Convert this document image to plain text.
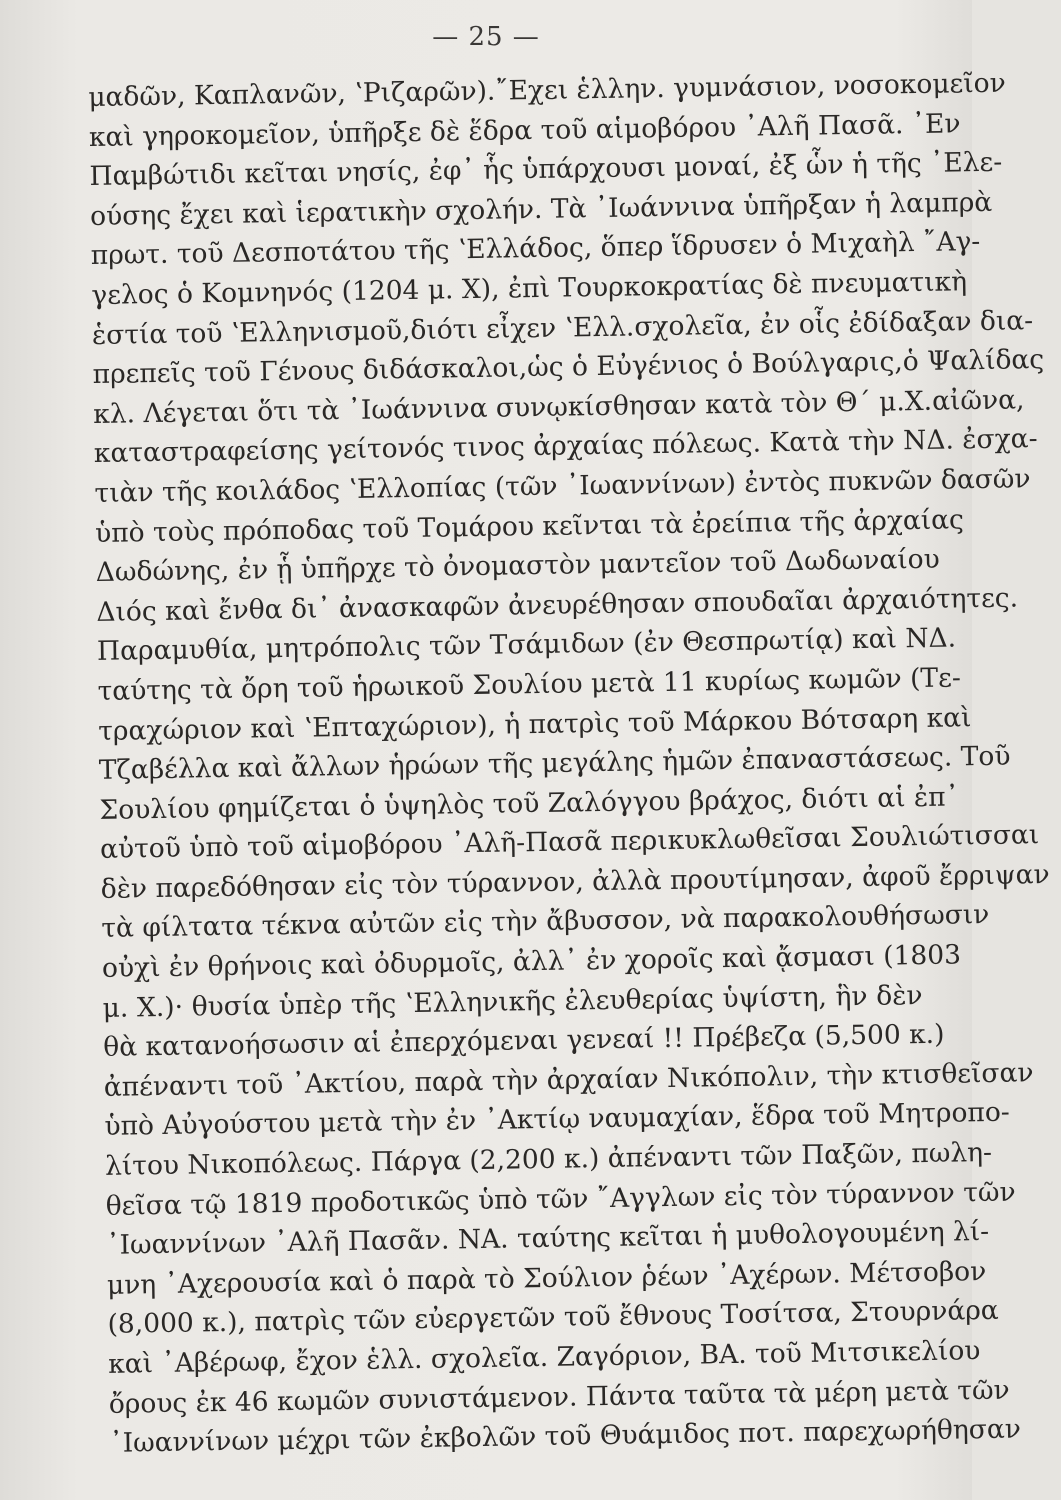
— 25 —
μαδῶν, Καπλανῶν, ʽΡιζαρῶν).῎Εχει ἑλλην. γυμνάσιον, νοσοκομεῖον
καὶ γηροκομεῖον, ὑπῆρξε δὲ ἕδρα τοῦ αἱμοβόρου ᾿Αλῆ Πασᾶ. ᾿Εν
Παμβώτιδι κεῖται νησίς, ἐφ᾿ ἧς ὑπάρχουσι μοναί, ἐξ ὧν ἡ τῆς ᾿Ελε-
ούσης ἔχει καὶ ἱερατικὴν σχολήν. Τὰ ᾿Ιωάννινα ὑπῆρξαν ἡ λαμπρὰ
πρωτ. τοῦ Δεσποτάτου τῆς ʽΕλλάδος, ὅπερ ἵδρυσεν ὁ Μιχαὴλ ῎Αγ-
γελος ὁ Κομνηνός (1204 μ. Χ), ἐπὶ Τουρκοκρατίας δὲ πνευματικὴ
ἑστία τοῦ ʽΕλληνισμοῦ,διότι εἶχεν ʽΕλλ.σχολεῖα, ἐν οἷς ἐδίδαξαν δια-
πρεπεῖς τοῦ Γένους διδάσκαλοι,ὡς ὁ Εὐγένιος ὁ Βούλγαρις,ὁ Ψαλίδας
κλ. Λέγεται ὅτι τὰ ᾿Ιωάννινα συνῳκίσθησαν κατὰ τὸν Θ΄ μ.Χ.αἰῶνα,
καταστραφείσης γείτονός τινος ἀρχαίας πόλεως. Κατὰ τὴν ΝΔ. ἐσχα-
τιὰν τῆς κοιλάδος ʽΕλλοπίας (τῶν ᾿Ιωαννίνων) ἐντὸς πυκνῶν δασῶν
ὑπὸ τοὺς πρόποδας τοῦ Τομάρου κεῖνται τὰ ἐρείπια τῆς ἀρχαίας
Δωδώνης, ἐν ᾗ ὑπῆρχε τὸ ὀνομαστὸν μαντεῖον τοῦ Δωδωναίου
Διός καὶ ἔνθα δι᾿ ἀνασκαφῶν ἀνευρέθησαν σπουδαῖαι ἀρχαιότητες.
Παραμυθία, μητρόπολις τῶν Τσάμιδων (ἐν Θεσπρωτίᾳ) καὶ ΝΔ.
ταύτης τὰ ὄρη τοῦ ἡρωικοῦ Σουλίου μετὰ 11 κυρίως κωμῶν (Τε-
τραχώριον καὶ ʽΕπταχώριον), ἡ πατρὶς τοῦ Μάρκου Βότσαρη καὶ
Τζαβέλλα καὶ ἄλλων ἡρώων τῆς μεγάλης ἡμῶν ἐπαναστάσεως. Τοῦ
Σουλίου φημίζεται ὁ ὑψηλὸς τοῦ Ζαλόγγου βράχος, διότι αἱ ἐπ᾿
αὐτοῦ ὑπὸ τοῦ αἱμοβόρου ᾿Αλῆ-Πασᾶ περικυκλωθεῖσαι Σουλιώτισσαι
δὲν παρεδόθησαν εἰς τὸν τύραννον, ἀλλὰ προυτίμησαν, ἀφοῦ ἔρριψαν
τὰ φίλτατα τέκνα αὐτῶν εἰς τὴν ἄβυσσον, νὰ παρακολουθήσωσιν
οὐχὶ ἐν θρήνοις καὶ ὀδυρμοῖς, ἀλλ᾿ ἐν χοροῖς καὶ ᾄσμασι (1803
μ. Χ.)· θυσία ὑπὲρ τῆς ʽΕλληνικῆς ἐλευθερίας ὑψίστη, ἣν δὲν
θὰ κατανοήσωσιν αἱ ἐπερχόμεναι γενεαί !! Πρέβεζα (5,500 κ.)
ἀπέναντι τοῦ ᾿Ακτίου, παρὰ τὴν ἀρχαίαν Νικόπολιν, τὴν κτισθεῖσαν
ὑπὸ Αὐγούστου μετὰ τὴν ἐν ᾿Ακτίῳ ναυμαχίαν, ἕδρα τοῦ Μητροπο-
λίτου Νικοπόλεως. Πάργα (2,200 κ.) ἀπέναντι τῶν Παξῶν, πωλη-
θεῖσα τῷ 1819 προδοτικῶς ὑπὸ τῶν ῎Αγγλων εἰς τὸν τύραννον τῶν
᾿Ιωαννίνων ᾿Αλῆ Πασᾶν. ΝΑ. ταύτης κεῖται ἡ μυθολογουμένη λί-
μνη ᾿Αχερουσία καὶ ὁ παρὰ τὸ Σούλιον ῥέων ᾿Αχέρων. Μέτσοβον
(8,000 κ.), πατρὶς τῶν εὐεργετῶν τοῦ ἔθνους Τοσίτσα, Στουρνάρα
καὶ ᾿Αβέρωφ, ἔχον ἑλλ. σχολεῖα. Ζαγόριον, ΒΑ. τοῦ Μιτσικελίου
ὄρους ἐκ 46 κωμῶν συνιστάμενον. Πάντα ταῦτα τὰ μέρη μετὰ τῶν
᾿Ιωαννίνων μέχρι τῶν ἐκβολῶν τοῦ Θυάμιδος ποτ. παρεχωρήθησαν
